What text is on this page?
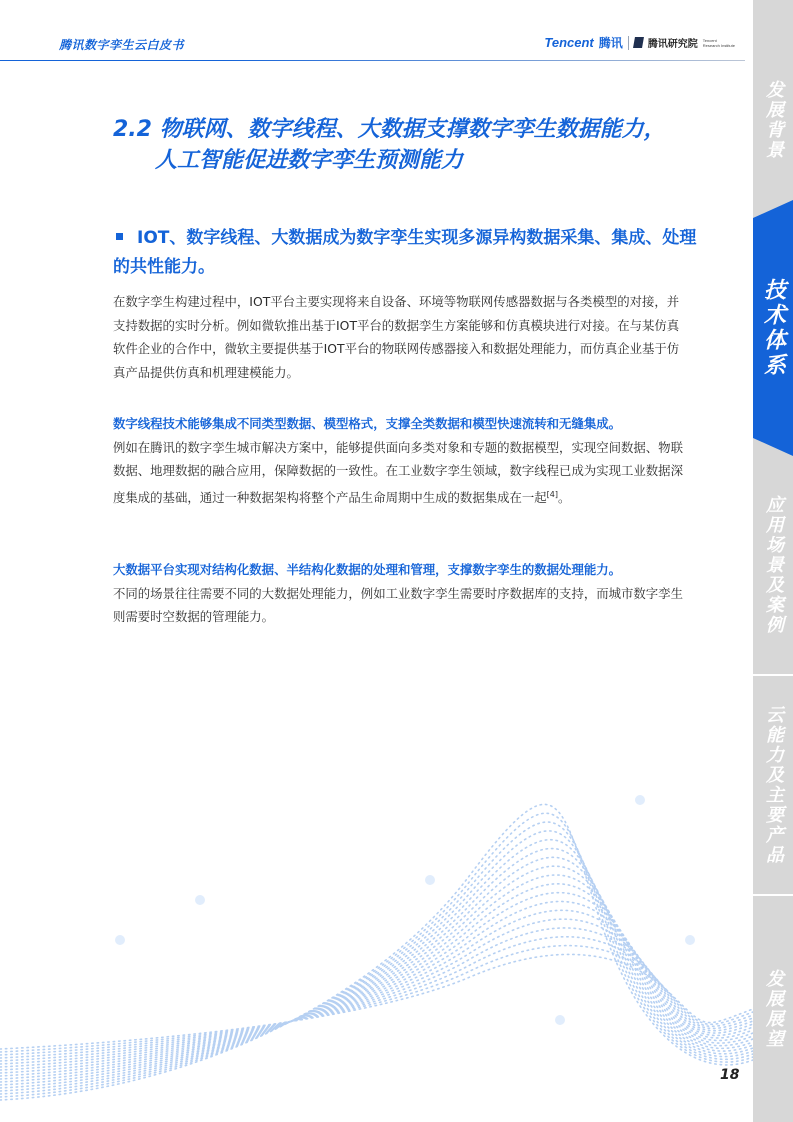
腾讯数字孪生云白皮书	Tencent 腾讯	腾讯研究院 Tencent
Research Institute
发展背景
应用场景及案例
云能力及主要产品
发展展望
技术体系
2.2 物联网、数字线程、大数据支撑数字孪生数据能力，
人工智能促进数字孪生预测能力
IOT、数字线程、大数据成为数字孪生实现多源异构数据采集、集成、处理的共性能力。
在数字孪生构建过程中，IOT平台主要实现将来自设备、环境等物联网传感器数据与各类模型的对接，并支持数据的实时分析。例如微软推出基于IOT平台的数据孪生方案能够和仿真模块进行对接。在与某仿真软件企业的合作中，微软主要提供基于IOT平台的物联网传感器接入和数据处理能力，而仿真企业基于仿真产品提供仿真和机理建模能力。
数字线程技术能够集成不同类型数据、模型格式，支撑全类数据和模型快速流转和无缝集成。
例如在腾讯的数字孪生城市解决方案中，能够提供面向多类对象和专题的数据模型，实现空间数据、物联数据、地理数据的融合应用，保障数据的一致性。在工业数字孪生领域，数字线程已成为实现工业数据深度集成的基础，通过一种数据架构将整个产品生命周期中生成的数据集成在一起[4]。
大数据平台实现对结构化数据、半结构化数据的处理和管理，支撑数字孪生的数据处理能力。
不同的场景往往需要不同的大数据处理能力，例如工业数字孪生需要时序数据库的支持，而城市数字孪生则需要时空数据的管理能力。
18
